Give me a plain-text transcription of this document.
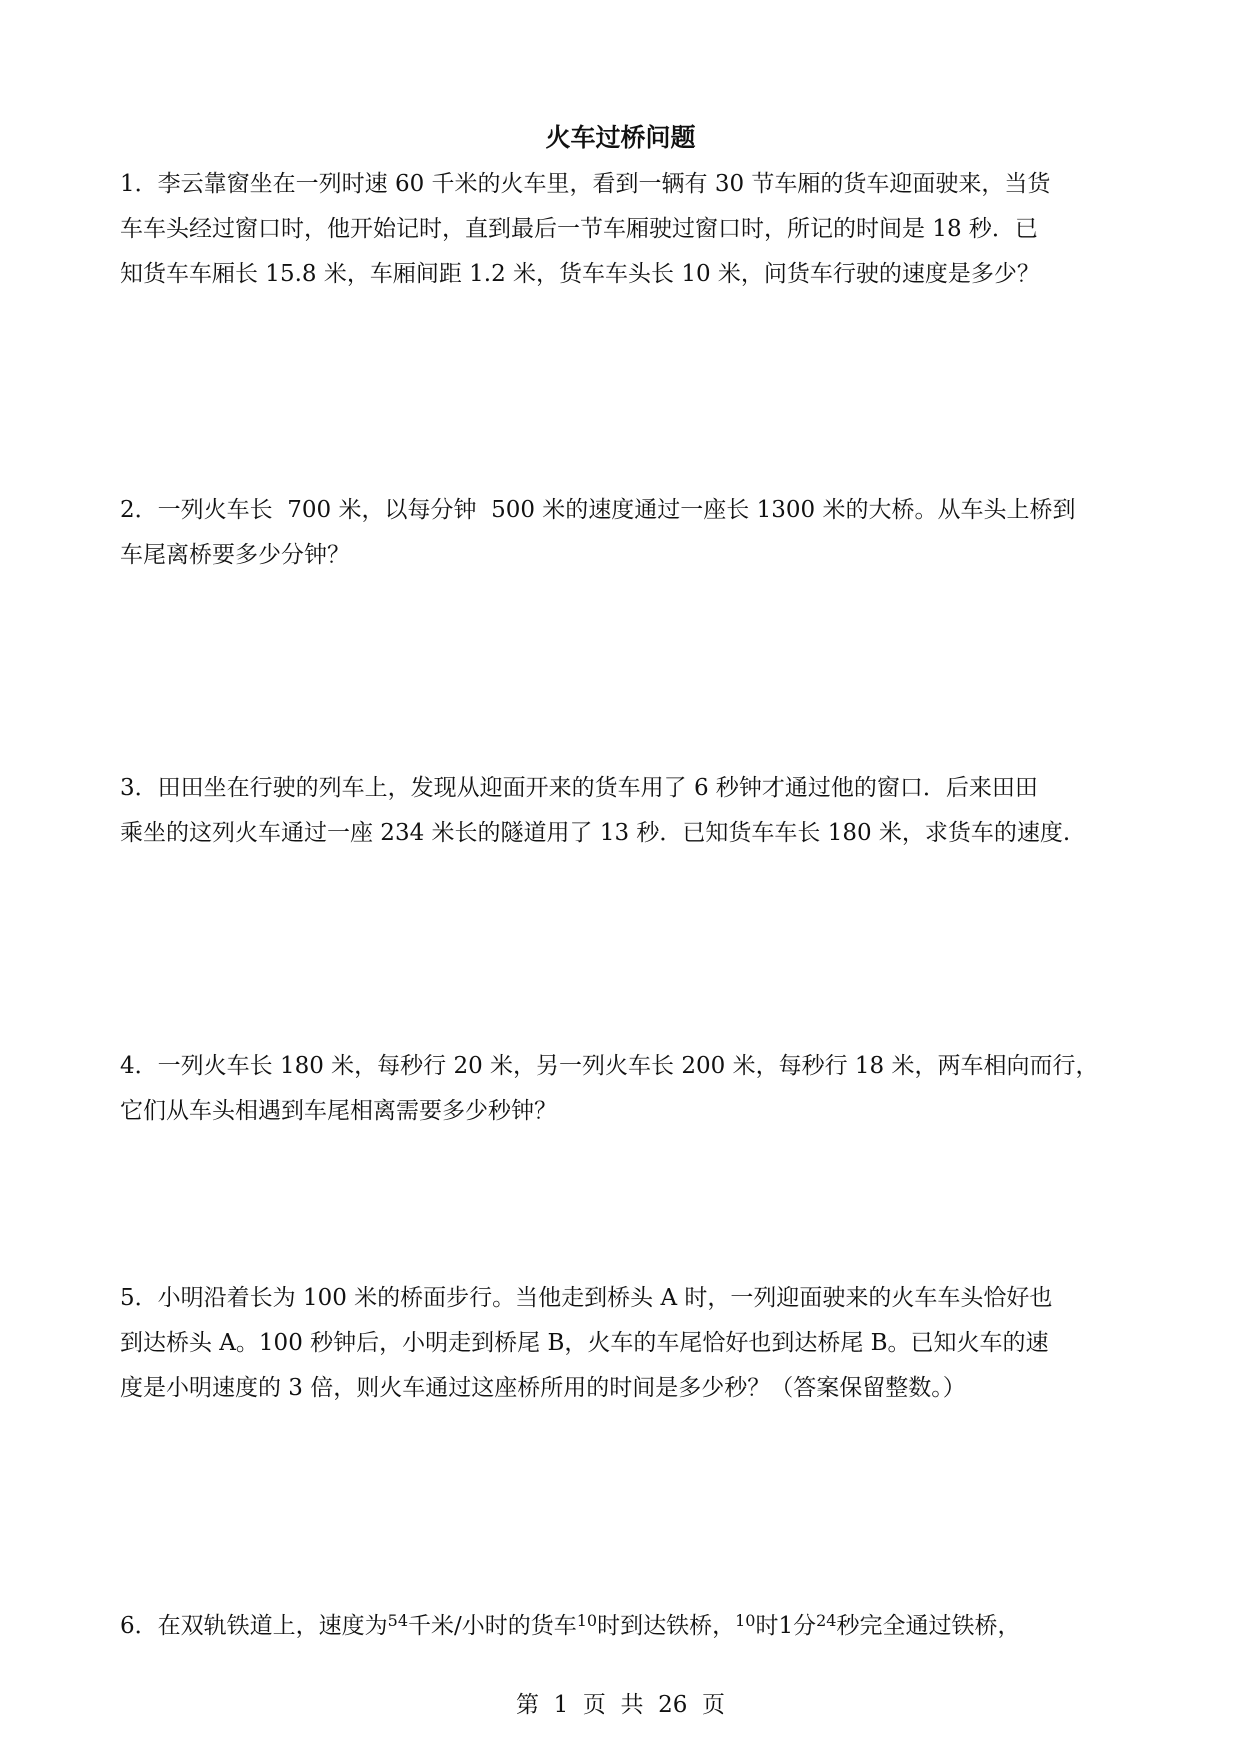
火车过桥问题
1．李云靠窗坐在一列时速 60 千米的火车里，看到一辆有 30 节车厢的货车迎面驶来，当货
车车头经过窗口时，他开始记时，直到最后一节车厢驶过窗口时，所记的时间是 18 秒．已
知货车车厢长 15.8 米，车厢间距 1.2 米，货车车头长 10 米，问货车行驶的速度是多少？
2．一列火车长  700 米，以每分钟  500 米的速度通过一座长 1300 米的大桥。从车头上桥到
车尾离桥要多少分钟？
3．田田坐在行驶的列车上，发现从迎面开来的货车用了 6 秒钟才通过他的窗口．后来田田
乘坐的这列火车通过一座 234 米长的隧道用了 13 秒．已知货车车长 180 米，求货车的速度.
4．一列火车长 180 米，每秒行 20 米，另一列火车长 200 米，每秒行 18 米，两车相向而行，
它们从车头相遇到车尾相离需要多少秒钟？
5．小明沿着长为 100 米的桥面步行。当他走到桥头 A 时，一列迎面驶来的火车车头恰好也
到达桥头 A。100 秒钟后，小明走到桥尾 B，火车的车尾恰好也到达桥尾 B。已知火车的速
度是小明速度的 3 倍，则火车通过这座桥所用的时间是多少秒？（答案保留整数。）
6．在双轨铁道上，速度为$^{54}$千米/小时的货车$^{10}$时到达铁桥，$^{10}$时1分$^{24}$秒完全通过铁桥，
第  1  页  共  26  页
